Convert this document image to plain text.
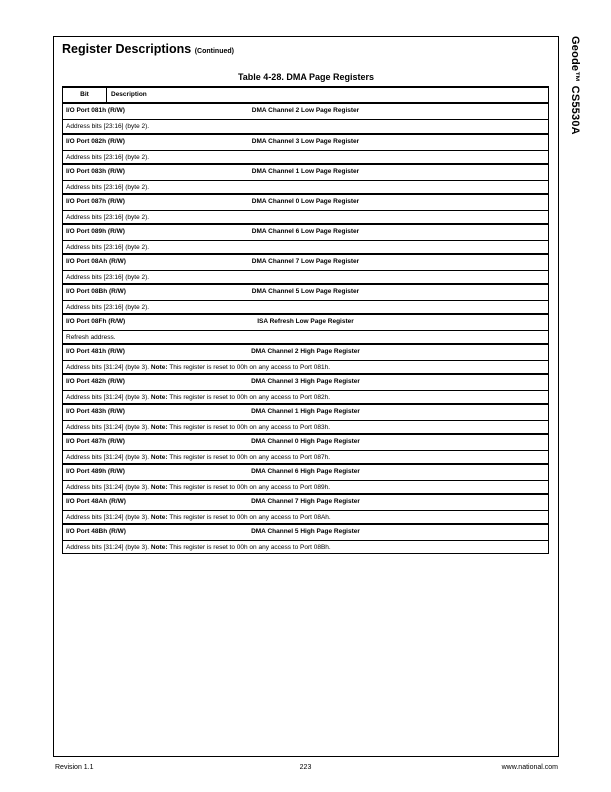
Geode™ CS5530A
Register Descriptions (Continued)
Table 4-28. DMA Page Registers
Bit	Description
I/O Port 081h (R/W)	DMA Channel 2 Low Page Register
Address bits [23:16] (byte 2).
I/O Port 082h (R/W)	DMA Channel 3 Low Page Register
Address bits [23:16] (byte 2).
I/O Port 083h (R/W)	DMA Channel 1 Low Page Register
Address bits [23:16] (byte 2).
I/O Port 087h (R/W)	DMA Channel 0 Low Page Register
Address bits [23:16] (byte 2).
I/O Port 089h (R/W)	DMA Channel 6 Low Page Register
Address bits [23:16] (byte 2).
I/O Port 08Ah (R/W)	DMA Channel 7 Low Page Register
Address bits [23:16] (byte 2).
I/O Port 08Bh (R/W)	DMA Channel 5 Low Page Register
Address bits [23:16] (byte 2).
I/O Port 08Fh (R/W)	ISA Refresh Low Page Register
Refresh address.
I/O Port 481h (R/W)	DMA Channel 2 High Page Register
Address bits [31:24] (byte 3). Note: This register is reset to 00h on any access to Port 081h.
I/O Port 482h (R/W)	DMA Channel 3 High Page Register
Address bits [31:24] (byte 3). Note: This register is reset to 00h on any access to Port 082h.
I/O Port 483h (R/W)	DMA Channel 1 High Page Register
Address bits [31:24] (byte 3). Note: This register is reset to 00h on any access to Port 083h.
I/O Port 487h (R/W)	DMA Channel 0 High Page Register
Address bits [31:24] (byte 3). Note: This register is reset to 00h on any access to Port 087h.
I/O Port 489h (R/W)	DMA Channel 6 High Page Register
Address bits [31:24] (byte 3). Note: This register is reset to 00h on any access to Port 089h.
I/O Port 48Ah (R/W)	DMA Channel 7 High Page Register
Address bits [31:24] (byte 3). Note: This register is reset to 00h on any access to Port 08Ah.
I/O Port 48Bh (R/W)	DMA Channel 5 High Page Register
Address bits [31:24] (byte 3). Note: This register is reset to 00h on any access to Port 08Bh.
Revision 1.1	223	www.national.com
